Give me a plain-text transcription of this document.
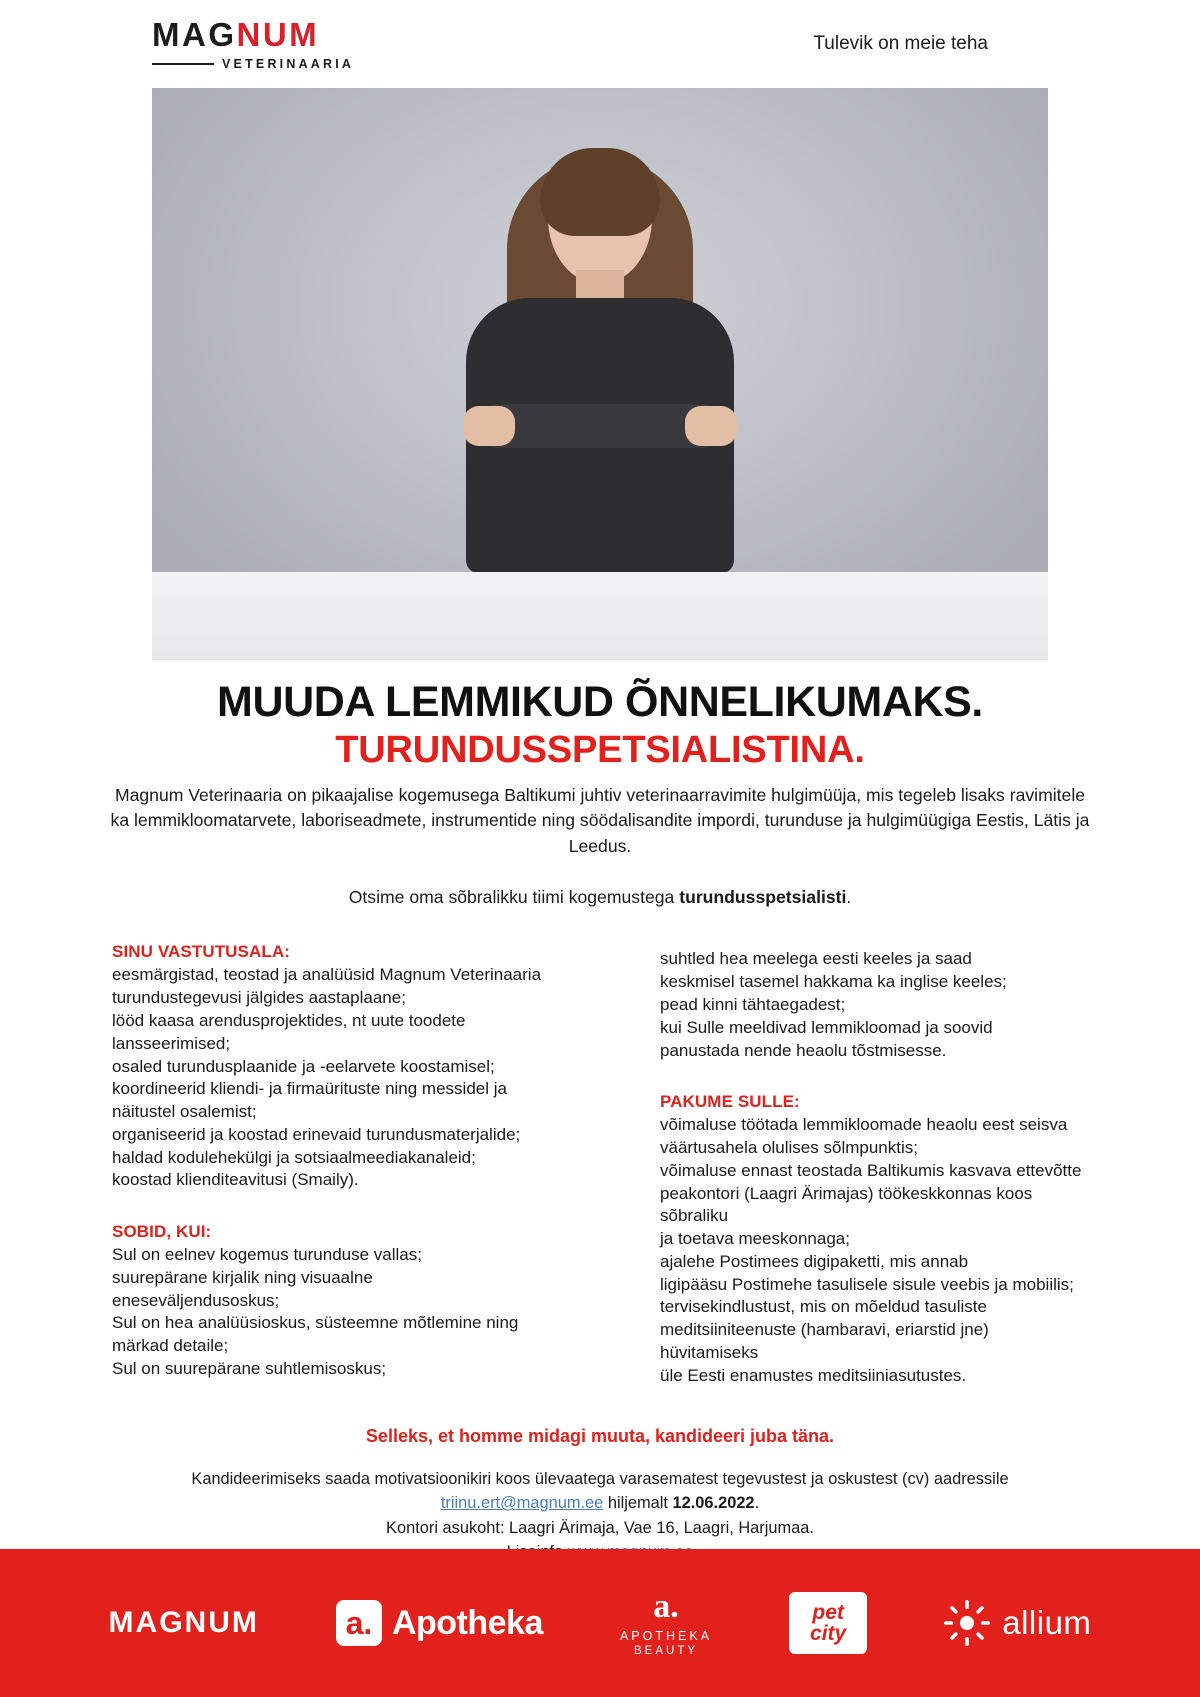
MAGNUM
VETERINAARIA
Tulevik on meie teha
MUUDA LEMMIKUD ÕNNELIKUMAKS.
TURUNDUSSPETSIALISTINA.
Magnum Veterinaaria on pikaajalise kogemusega Baltikumi juhtiv veterinaarravimite hulgimüüja, mis tegeleb lisaks ravimitele ka lemmikloomatarvete, laboriseadmete, instrumentide ning söödalisandite impordi, turunduse ja hulgimüügiga Eestis, Lätis ja Leedus.
Otsime oma sõbralikku tiimi kogemustega turundusspetsialisti.
SINU VASTUTUSALA:
eesmärgistad, teostad ja analüüsid Magnum Veterinaaria
turundustegevusi jälgides aastaplaane;
lööd kaasa arendusprojektides, nt uute toodete
lansseerimised;
osaled turundusplaanide ja -eelarvete koostamisel;
koordineerid kliendi- ja firmaürituste ning messidel ja
näitustel osalemist;
organiseerid ja koostad erinevaid turundusmaterjalide;
haldad kodulehekülgi ja sotsiaalmeediakanaleid;
koostad klienditeavitusi (Smaily).
SOBID, KUI:
Sul on eelnev kogemus turunduse vallas;
suurepärane kirjalik ning visuaalne eneseväljendusoskus;
Sul on hea analüüsioskus, süsteemne mõtlemine ning
märkad detaile;
Sul on suurepärane suhtlemisoskus;
suhtled hea meelega eesti keeles ja saad
keskmisel tasemel hakkama ka inglise keeles;
pead kinni tähtaegadest;
kui Sulle meeldivad lemmikloomad ja soovid
panustada nende heaolu tõstmisesse.
PAKUME SULLE:
võimaluse töötada lemmikloomade heaolu eest seisva
väärtusahela olulises sõlmpunktis;
võimaluse ennast teostada Baltikumis kasvava ettevõtte
peakontori (Laagri Ärimajas) töökeskkonnas koos sõbraliku
ja toetava meeskonnaga;
ajalehe Postimees digipaketti, mis annab
ligipääsu Postimehe tasulisele sisule veebis ja mobiilis;
tervisekindlustust, mis on mõeldud tasuliste
meditsiiniteenuste (hambaravi, eriarstid jne) hüvitamiseks
üle Eesti enamustes meditsiiniasutustes.
Selleks, et homme midagi muuta, kandideeri juba täna.
Kandideerimiseks saada motivatsioonikiri koos ülevaatega varasematest tegevustest ja oskustest (cv) aadressile
triinu.ert@magnum.ee hiljemalt 12.06.2022.
Kontori asukoht: Laagri Ärimaja, Vae 16, Laagri, Harjumaa.
MAGNUM	a. Apotheka	a.
APOTHEKA
BEAUTY
pet
city	allium
